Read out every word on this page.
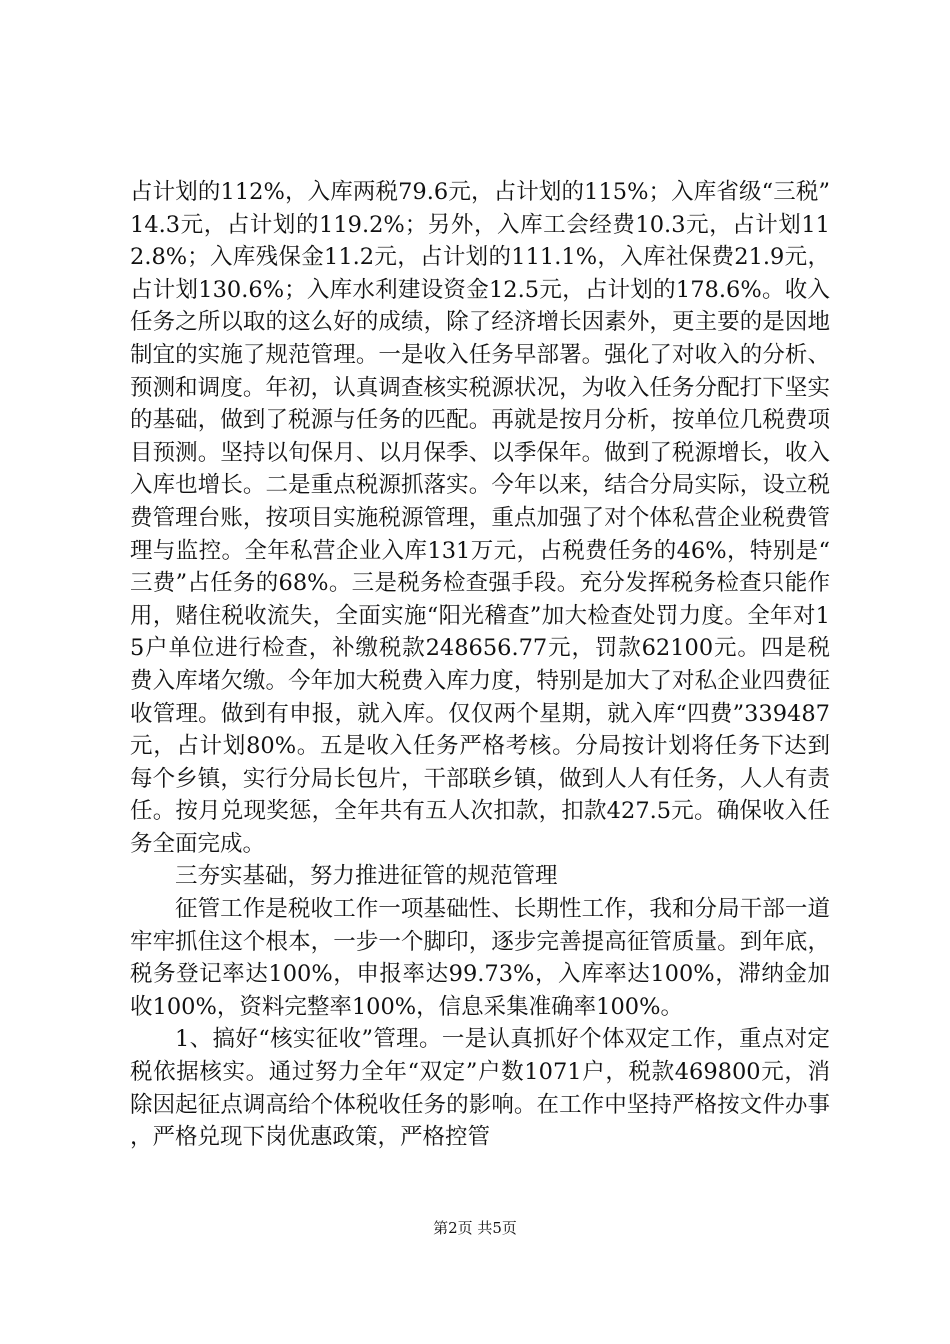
占计划的112%，入库两税79.6元，占计划的115%；入库省级“三税”14.3元，占计划的119.2%；另外，入库工会经费10.3元，占计划112.8%；入库残保金11.2元，占计划的111.1%，入库社保费21.9元，占计划130.6%；入库水利建设资金12.5元，占计划的178.6%。收入任务之所以取的这么好的成绩，除了经济增长因素外，更主要的是因地制宜的实施了规范管理。一是收入任务早部署。强化了对收入的分析、预测和调度。年初，认真调查核实税源状况，为收入任务分配打下坚实的基础，做到了税源与任务的匹配。再就是按月分析，按单位几税费项目预测。坚持以旬保月、以月保季、以季保年。做到了税源增长，收入入库也增长。二是重点税源抓落实。今年以来，结合分局实际，设立税费管理台账，按项目实施税源管理，重点加强了对个体私营企业税费管理与监控。全年私营企业入库131万元，占税费任务的46%，特别是“三费”占任务的68%。三是税务检查强手段。充分发挥税务检查只能作用，赌住税收流失，全面实施“阳光稽查”加大检查处罚力度。全年对15户单位进行检查，补缴税款248656.77元，罚款62100元。四是税费入库堵欠缴。今年加大税费入库力度，特别是加大了对私企业四费征收管理。做到有申报，就入库。仅仅两个星期，就入库“四费”339487元，占计划80%。五是收入任务严格考核。分局按计划将任务下达到每个乡镇，实行分局长包片，干部联乡镇，做到人人有任务，人人有责任。按月兑现奖惩，全年共有五人次扣款，扣款427.5元。确保收入任务全面完成。

三夯实基础，努力推进征管的规范管理

征管工作是税收工作一项基础性、长期性工作，我和分局干部一道牢牢抓住这个根本，一步一个脚印，逐步完善提高征管质量。到年底，税务登记率达100%，申报率达99.73%，入库率达100%，滞纳金加收100%，资料完整率100%，信息采集准确率100%。

1、搞好“核实征收”管理。一是认真抓好个体双定工作，重点对定税依据核实。通过努力全年“双定”户数1071户，税款469800元，消除因起征点调高给个体税收任务的影响。在工作中坚持严格按文件办事，严格兑现下岗优惠政策，严格控管

第2页 共5页
